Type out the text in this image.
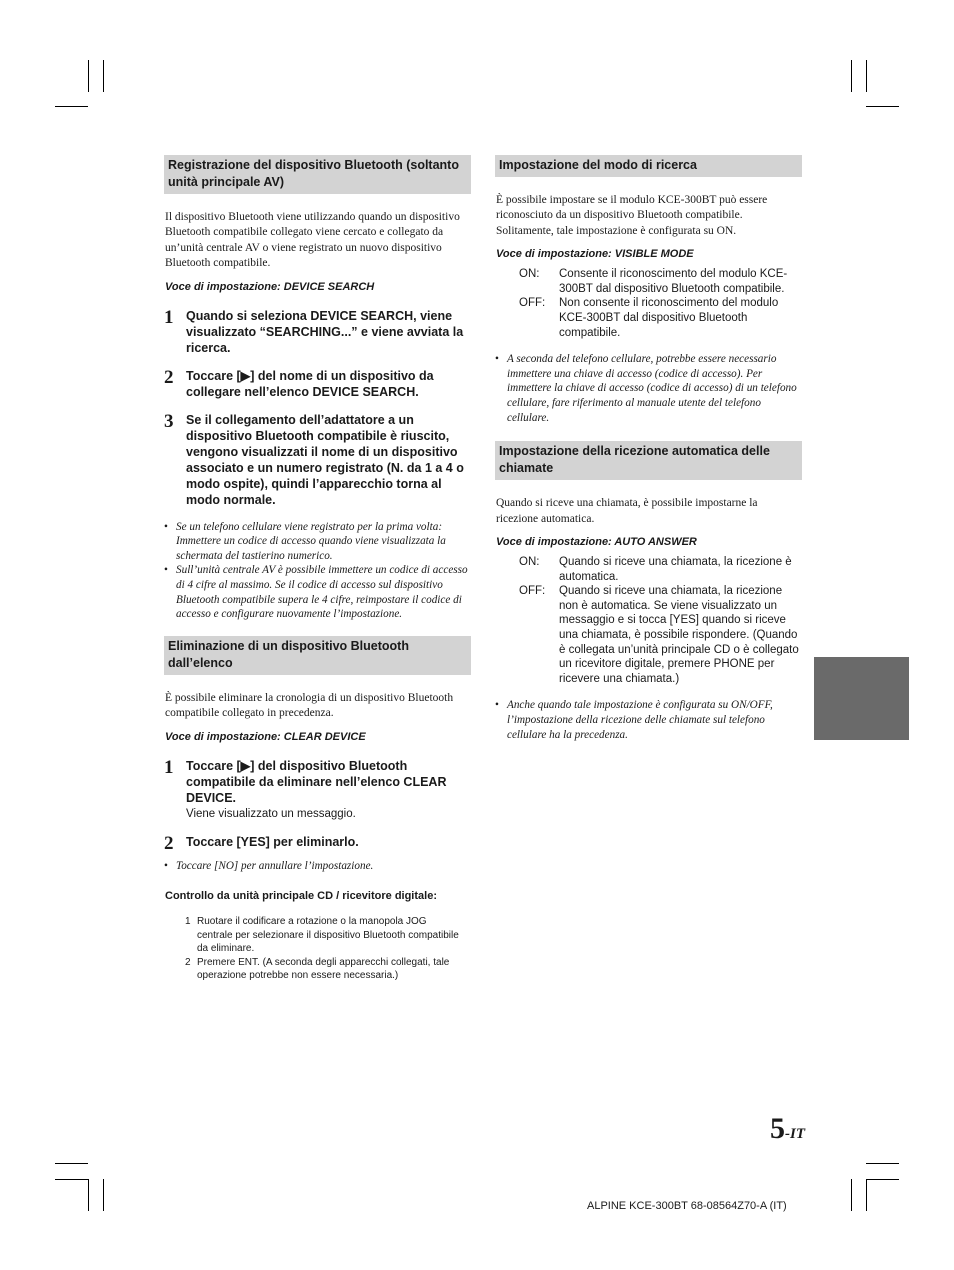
Registrazione del dispositivo Bluetooth (soltanto unità principale AV)

Il dispositivo Bluetooth viene utilizzando quando un dispositivo Bluetooth compatibile collegato viene cercato e collegato da un’unità centrale AV o viene registrato un nuovo dispositivo Bluetooth compatibile.

Voce di impostazione: DEVICE SEARCH
1	Quando si seleziona DEVICE SEARCH, viene visualizzato “SEARCHING...” e viene avviata la ricerca.
2	Toccare [▶] del nome di un dispositivo da collegare nell’elenco DEVICE SEARCH.
3	Se il collegamento dell’adattatore a un dispositivo Bluetooth compatibile è riuscito, vengono visualizzati il nome di un dispositivo associato e un numero registrato (N. da 1 a 4 o modo ospite), quindi l’apparecchio torna al modo normale.
• Se un telefono cellulare viene registrato per la prima volta: Immettere un codice di accesso quando viene visualizzata la schermata del tastierino numerico.
• Sull’unità centrale AV è possibile immettere un codice di accesso di 4 cifre al massimo. Se il codice di accesso sul dispositivo Bluetooth compatibile supera le 4 cifre, reimpostare il codice di accesso e configurare nuovamente l’impostazione.
Eliminazione di un dispositivo Bluetooth dall’elenco

È possibile eliminare la cronologia di un dispositivo Bluetooth compatibile collegato in precedenza.

Voce di impostazione: CLEAR DEVICE
1	Toccare [▶] del dispositivo Bluetooth compatibile da eliminare nell’elenco CLEAR DEVICE.
Viene visualizzato un messaggio.
2	Toccare [YES] per eliminarlo.
• Toccare [NO] per annullare l’impostazione.
Controllo da unità principale CD / ricevitore digitale:
1 Ruotare il codificare a rotazione o la manopola JOG centrale per selezionare il dispositivo Bluetooth compatibile da eliminare.
2 Premere ENT. (A seconda degli apparecchi collegati, tale operazione potrebbe non essere necessaria.)
Impostazione del modo di ricerca

È possibile impostare se il modulo KCE-300BT può essere riconosciuto da un dispositivo Bluetooth compatibile. Solitamente, tale impostazione è configurata su ON.

Voce di impostazione: VISIBLE MODE
ON:	Consente il riconoscimento del modulo KCE-300BT dal dispositivo Bluetooth compatibile.
OFF:	Non consente il riconoscimento del modulo KCE-300BT dal dispositivo Bluetooth compatibile.
• A seconda del telefono cellulare, potrebbe essere necessario immettere una chiave di accesso (codice di accesso). Per immettere la chiave di accesso (codice di accesso) di un telefono cellulare, fare riferimento al manuale utente del telefono cellulare.
Impostazione della ricezione automatica delle chiamate

Quando si riceve una chiamata, è possibile impostarne la ricezione automatica.

Voce di impostazione: AUTO ANSWER
ON:	Quando si riceve una chiamata, la ricezione è automatica.
OFF:	Quando si riceve una chiamata, la ricezione non è automatica. Se viene visualizzato un messaggio e si tocca [YES] quando si riceve una chiamata, è possibile rispondere. (Quando è collegata un’unità principale CD o è collegato un ricevitore digitale, premere PHONE per ricevere una chiamata.)
• Anche quando tale impostazione è configurata su ON/OFF, l’impostazione della ricezione delle chiamate sul telefono cellulare ha la precedenza.
5-IT
ALPINE KCE-300BT 68-08564Z70-A (IT)
